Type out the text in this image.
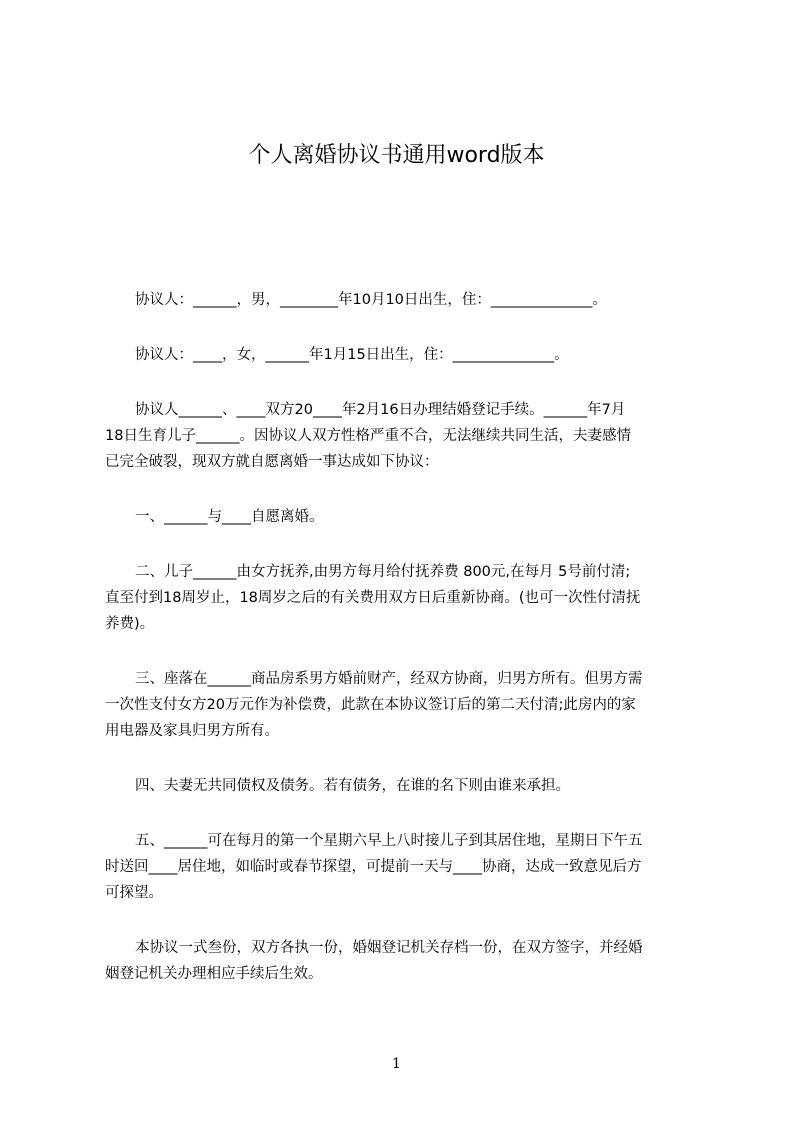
个人离婚协议书通用word版本
协议人：______，男，________年10月10日出生，住：______________。
协议人：____，女，______年1月15日出生，住：______________。
协议人______、____双方20____年2月16日办理结婚登记手续。______年7月
18日生育儿子______。因协议人双方性格严重不合，无法继续共同生活，夫妻感情
已完全破裂，现双方就自愿离婚一事达成如下协议：
一、______与____自愿离婚。
二、儿子______由女方抚养,由男方每月给付抚养费 800元,在每月 5号前付清;
直至付到18周岁止，18周岁之后的有关费用双方日后重新协商。(也可一次性付清抚
养费)。
三、座落在______商品房系男方婚前财产，经双方协商，归男方所有。但男方需
一次性支付女方20万元作为补偿费，此款在本协议签订后的第二天付清;此房内的家
用电器及家具归男方所有。
四、夫妻无共同债权及债务。若有债务，在谁的名下则由谁来承担。
五、______可在每月的第一个星期六早上八时接儿子到其居住地，星期日下午五
时送回____居住地，如临时或春节探望，可提前一天与____协商，达成一致意见后方
可探望。
本协议一式叁份，双方各执一份，婚姻登记机关存档一份，在双方签字，并经婚
姻登记机关办理相应手续后生效。
1
